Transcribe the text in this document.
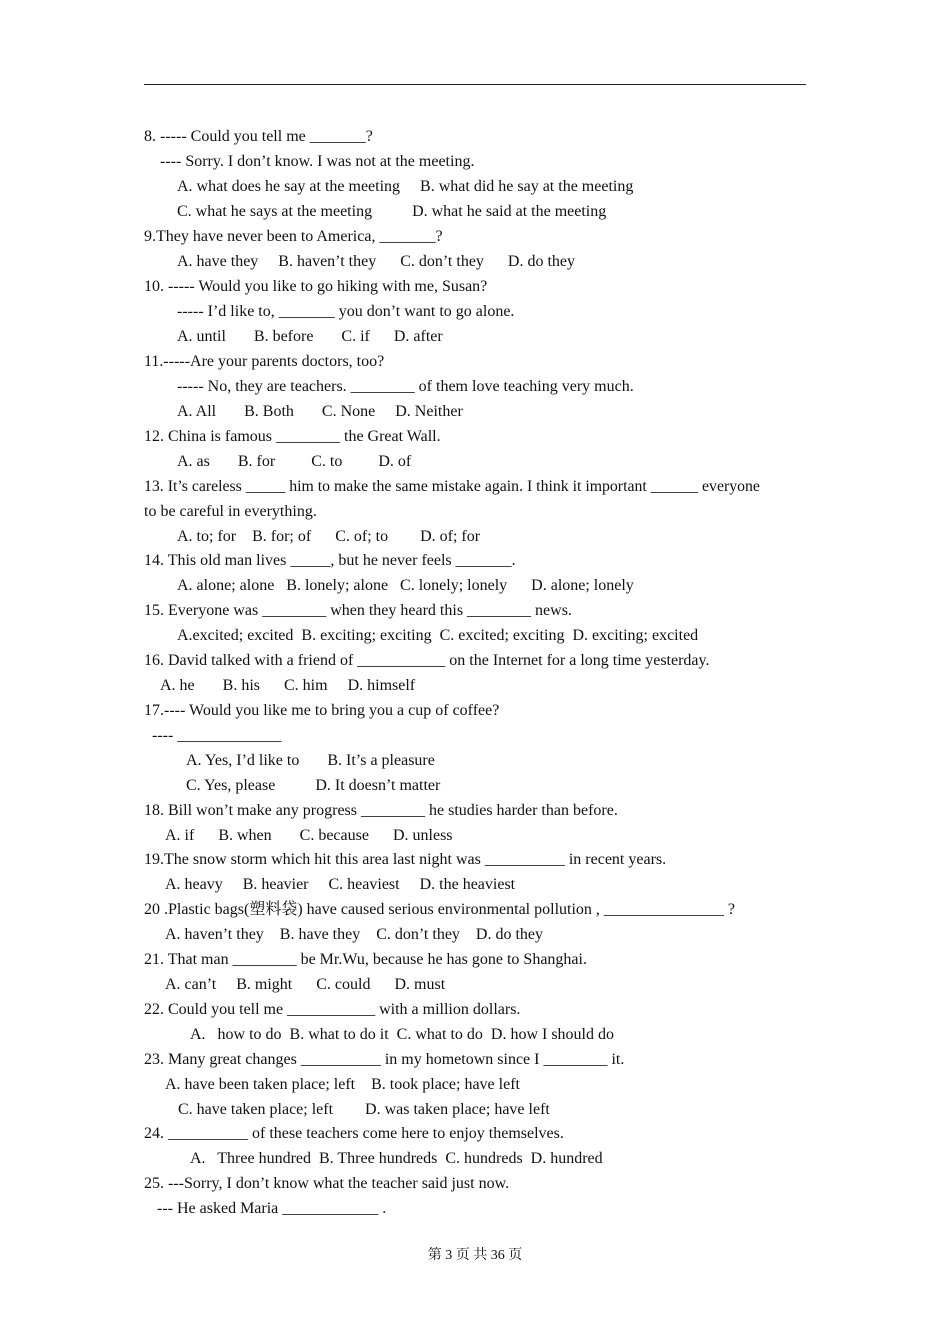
8. ----- Could you tell me _______?
---- Sorry. I don’t know. I was not at the meeting.
A. what does he say at the meeting     B. what did he say at the meeting
C. what he says at the meeting          D. what he said at the meeting
9.They have never been to America, _______?
A. have they     B. haven’t they      C. don’t they      D. do they
10. ----- Would you like to go hiking with me, Susan?
----- I’d like to, _______ you don’t want to go alone.
A. until       B. before       C. if      D. after
11.-----Are your parents doctors, too?
----- No, they are teachers. ________ of them love teaching very much.
A. All       B. Both       C. None     D. Neither
12. China is famous ________ the Great Wall.
A. as       B. for         C. to         D. of
13. It’s careless _____ him to make the same mistake again. I think it important ______ everyone
to be careful in everything.
A. to; for    B. for; of      C. of; to        D. of; for
14. This old man lives _____, but he never feels _______.
A. alone; alone   B. lonely; alone   C. lonely; lonely      D. alone; lonely
15. Everyone was ________ when they heard this ________ news.
A.excited; excited  B. exciting; exciting  C. excited; exciting  D. exciting; excited
16. David talked with a friend of ___________ on the Internet for a long time yesterday.
A. he       B. his      C. him     D. himself
17.---- Would you like me to bring you a cup of coffee?
---- _____________
A. Yes, I’d like to       B. It’s a pleasure
C. Yes, please          D. It doesn’t matter
18. Bill won’t make any progress ________ he studies harder than before.
A. if      B. when       C. because      D. unless
19.The snow storm which hit this area last night was __________ in recent years.
A. heavy     B. heavier     C. heaviest     D. the heaviest
20 .Plastic bags(塑料袋) have caused serious environmental pollution , _______________ ?
A. haven’t they    B. have they    C. don’t they    D. do they
21. That man ________ be Mr.Wu, because he has gone to Shanghai.
A. can’t     B. might      C. could      D. must
22. Could you tell me ___________ with a million dollars.
A.   how to do  B. what to do it  C. what to do  D. how I should do
23. Many great changes __________ in my hometown since I ________ it.
A. have been taken place; left    B. took place; have left
C. have taken place; left        D. was taken place; have left
24. __________ of these teachers come here to enjoy themselves.
A.   Three hundred  B. Three hundreds  C. hundreds  D. hundred
25. ---Sorry, I don’t know what the teacher said just now.
--- He asked Maria ____________ .
第 3 页 共 36 页
